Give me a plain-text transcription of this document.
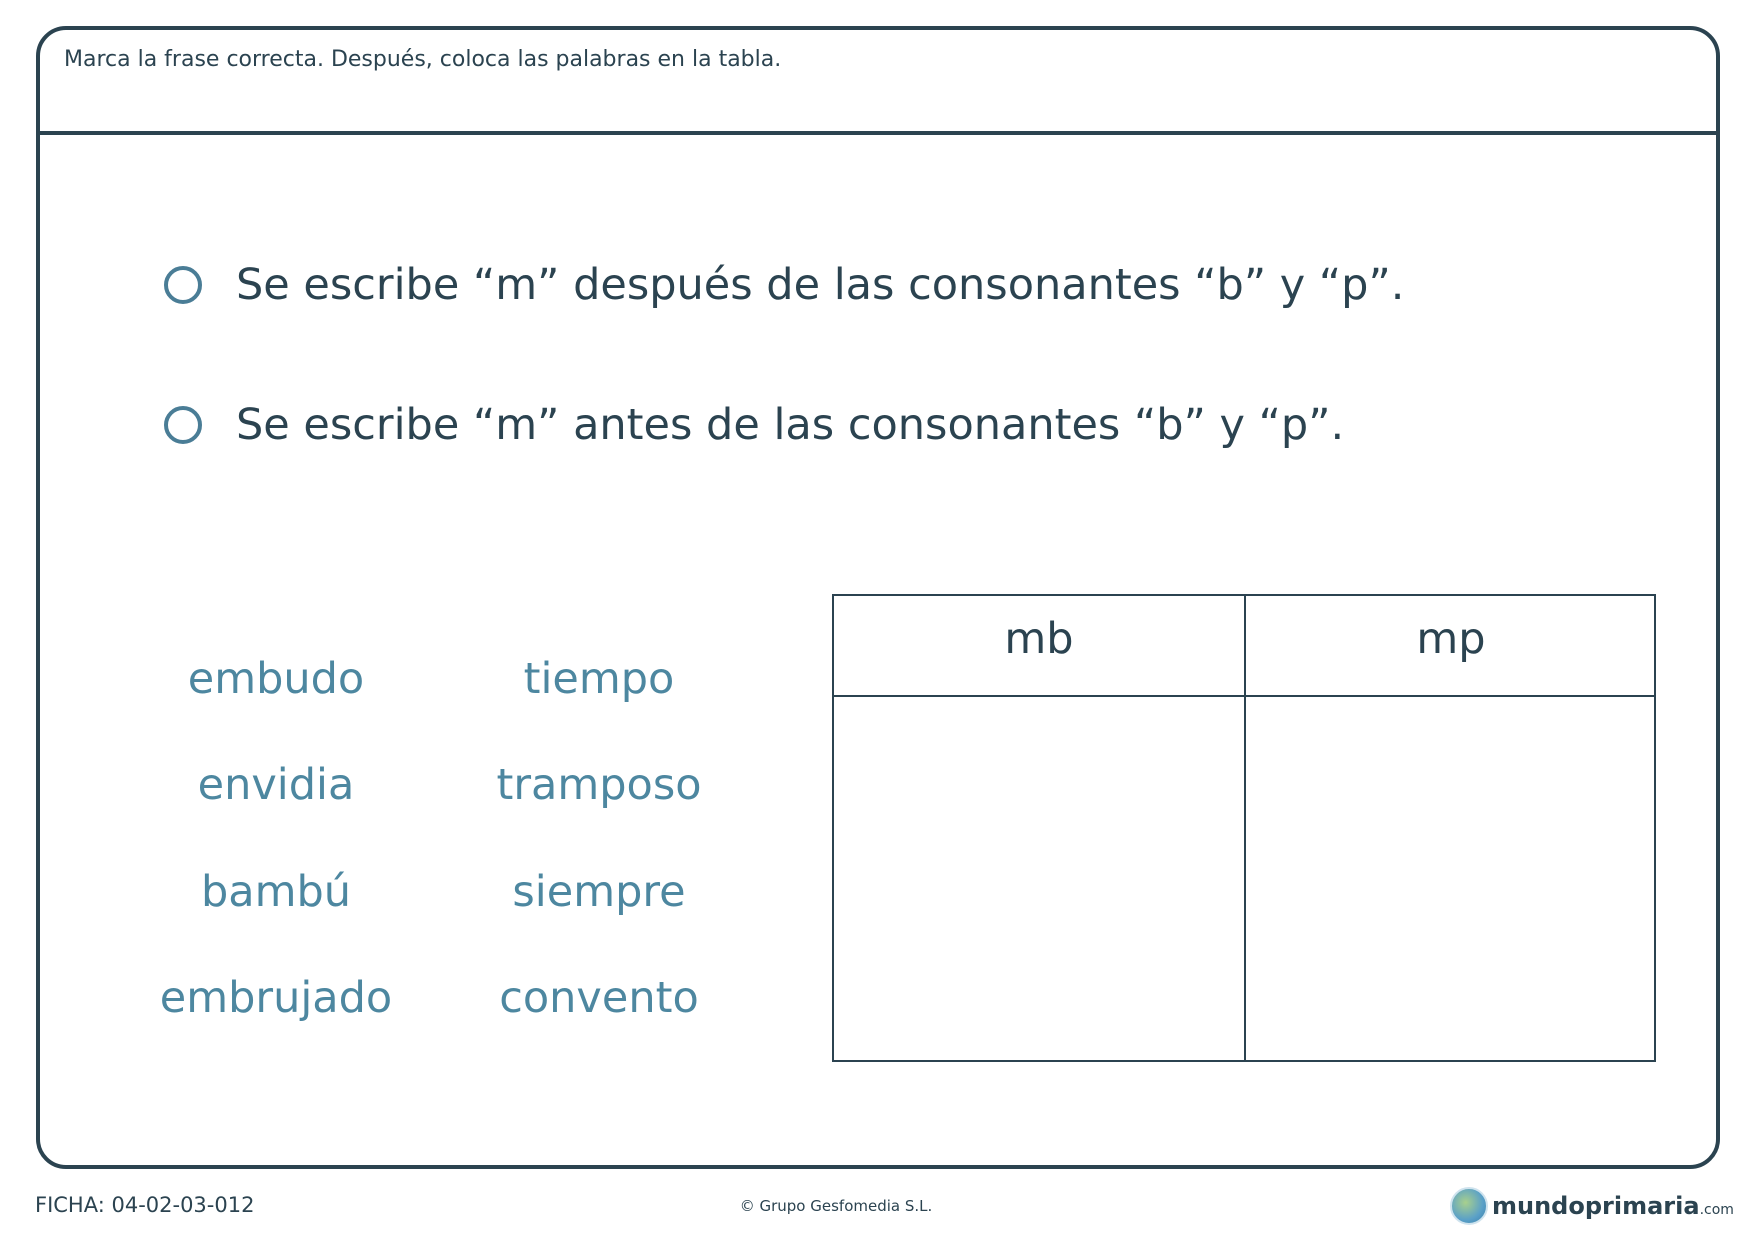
Marca la frase correcta. Después, coloca las palabras en la tabla.
Se escribe “m” después de las consonantes “b” y “p”.
Se escribe “m” antes de las consonantes “b” y “p”.
embudo
envidia
bambú
embrujado
tiempo
tramposo
siempre
convento
mb	mp
FICHA: 04-02-03-012	© Grupo Gesfomedia S.L.	mundoprimaria.com
